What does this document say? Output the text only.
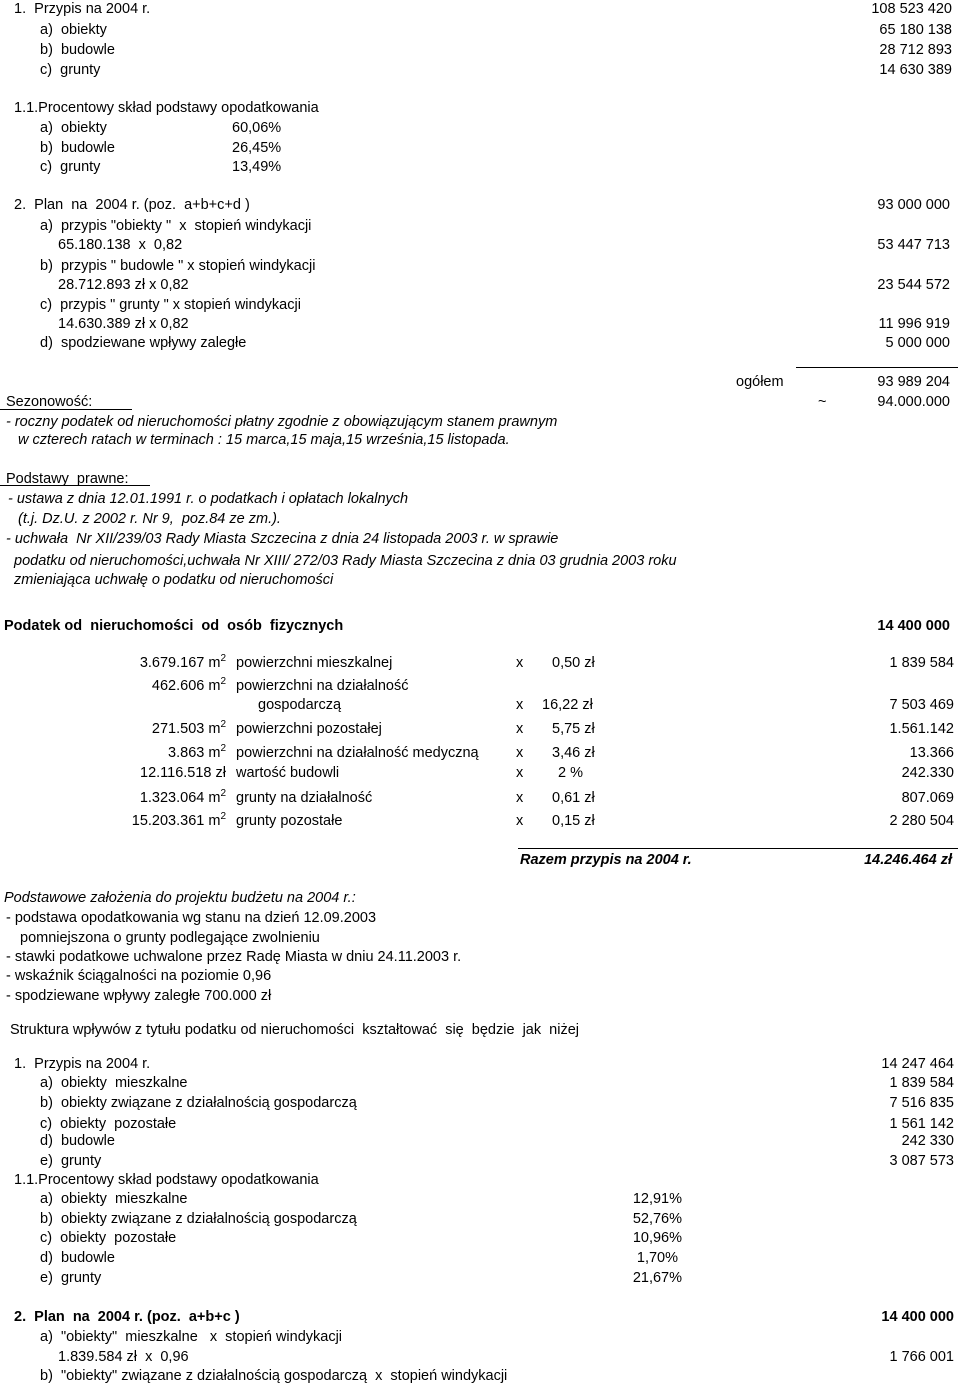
1.  Przypis na 2004 r.	108 523 420
a)  obiekty	65 180 138
b)  budowle	28 712 893
c)  grunty	14 630 389
1.1.Procentowy skład podstawy opodatkowania
a)  obiekty	60,06%
b)  budowle	26,45%
c)  grunty	13,49%
2.  Plan  na  2004 r. (poz.  a+b+c+d )	93 000 000
a)  przypis "obiekty "  x  stopień windykacji
65.180.138  x  0,82	53 447 713
b)  przypis " budowle " x stopień windykacji
28.712.893 zł x 0,82	23 544 572
c)  przypis " grunty " x stopień windykacji
14.630.389 zł x 0,82	11 996 919
d)  spodziewane wpływy zaległe	5 000 000
ogółem	93 989 204
Sezonowość:	~	94.000.000
- roczny podatek od nieruchomości płatny zgodnie z obowiązującym stanem prawnym
w czterech ratach w terminach : 15 marca,15 maja,15 września,15 listopada.
Podstawy  prawne:
- ustawa z dnia 12.01.1991 r. o podatkach i opłatach lokalnych
(t.j. Dz.U. z 2002 r. Nr 9,  poz.84 ze zm.).
- uchwała  Nr XII/239/03 Rady Miasta Szczecina z dnia 24 listopada 2003 r. w sprawie
podatku od nieruchomości,uchwała Nr XIII/ 272/03 Rady Miasta Szczecina z dnia 03 grudnia 2003 roku
zmieniająca uchwałę o podatku od nieruchomości
Podatek od  nieruchomości  od  osób  fizycznych	14 400 000
3.679.167 $m^2$ powierzchni mieszkalnej	x 0,50 zł	1 839 584
462.606 $m^2$ powierzchni na działalność
gospodarczą	x 16,22 zł	7 503 469
271.503 $m^2$ powierzchni pozostałej	x 5,75 zł	1.561.142
3.863 $m^2$ powierzchni na działalność medyczną	x 3,46 zł	13.366
12.116.518 zł wartość budowli	x 2 %	242.330
1.323.064 $m^2$ grunty na działalność	x 0,61 zł	807.069
15.203.361 $m^2$ grunty pozostałe	x 0,15 zł	2 280 504
Razem przypis na 2004 r.	14.246.464 zł
Podstawowe założenia do projektu budżetu na 2004 r.:
- podstawa opodatkowania wg stanu na dzień 12.09.2003
pomniejszona o grunty podlegające zwolnieniu
- stawki podatkowe uchwalone przez Radę Miasta w dniu 24.11.2003 r.
- wskaźnik ściągalności na poziomie 0,96
- spodziewane wpływy zaległe 700.000 zł
Struktura wpływów z tytułu podatku od nieruchomości  kształtować  się  będzie  jak  niżej
1.  Przypis na 2004 r.	14 247 464
a)  obiekty  mieszkalne	1 839 584
b)  obiekty związane z działalnością gospodarczą	7 516 835
c)  obiekty  pozostałe	1 561 142
d)  budowle	242 330
e)  grunty	3 087 573
1.1.Procentowy skład podstawy opodatkowania
a)  obiekty  mieszkalne	12,91%
b)  obiekty związane z działalnością gospodarczą	52,76%
c)  obiekty  pozostałe	10,96%
d)  budowle	1,70%
e)  grunty	21,67%
2.  Plan  na  2004 r. (poz.  a+b+c )	14 400 000
a)  "obiekty"  mieszkalne   x  stopień windykacji
1.839.584 zł  x  0,96	1 766 001
b)  "obiekty" związane z działalnością gospodarczą  x  stopień windykacji
